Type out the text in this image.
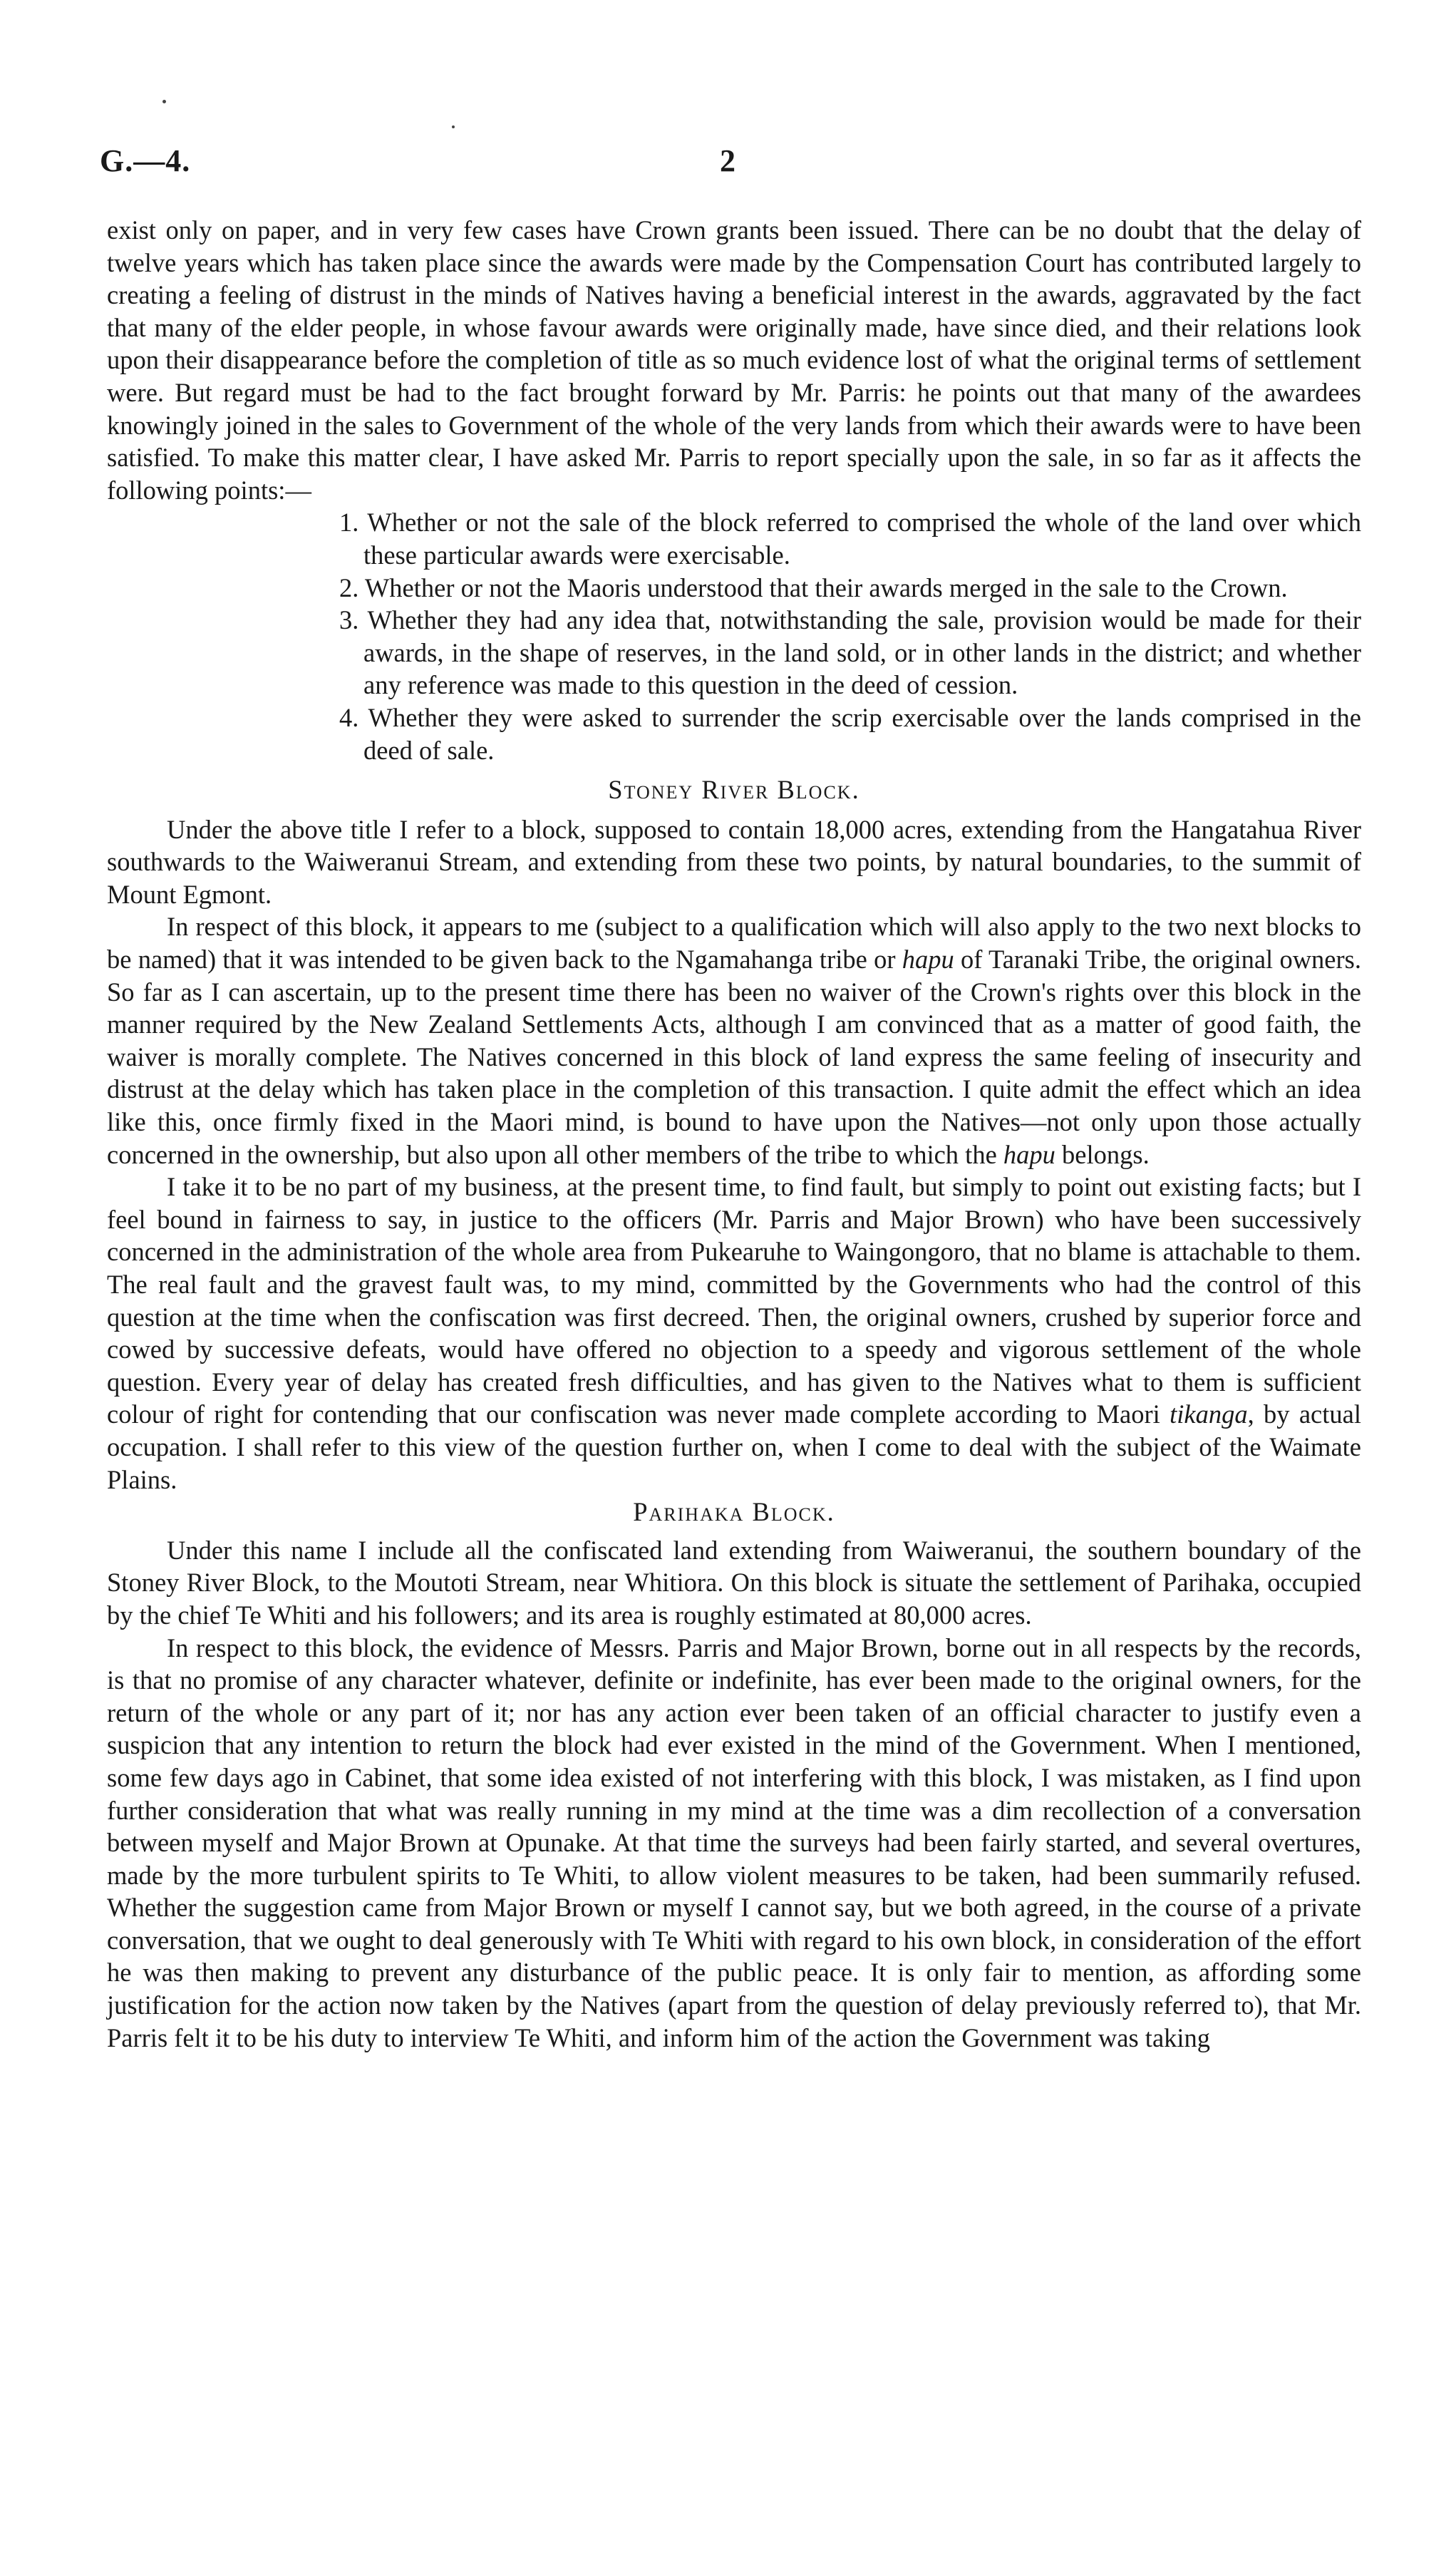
G.—4.	2

exist only on paper, and in very few cases have Crown grants been issued. There can be no doubt that the delay of twelve years which has taken place since the awards were made by the Compensation Court has contributed largely to creating a feeling of distrust in the minds of Natives having a beneficial interest in the awards, aggravated by the fact that many of the elder people, in whose favour awards were originally made, have since died, and their relations look upon their disappearance before the completion of title as so much evidence lost of what the original terms of settlement were. But regard must be had to the fact brought forward by Mr. Parris: he points out that many of the awardees knowingly joined in the sales to Government of the whole of the very lands from which their awards were to have been satisfied. To make this matter clear, I have asked Mr. Parris to report specially upon the sale, in so far as it affects the following points:—

1. Whether or not the sale of the block referred to comprised the whole of the land over which these particular awards were exercisable.
2. Whether or not the Maoris understood that their awards merged in the sale to the Crown.
3. Whether they had any idea that, notwithstanding the sale, provision would be made for their awards, in the shape of reserves, in the land sold, or in other lands in the district; and whether any reference was made to this question in the deed of cession.
4. Whether they were asked to surrender the scrip exercisable over the lands comprised in the deed of sale.
Stoney River Block.

Under the above title I refer to a block, supposed to contain 18,000 acres, extending from the Hangatahua River southwards to the Waiweranui Stream, and extending from these two points, by natural boundaries, to the summit of Mount Egmont.

In respect of this block, it appears to me (subject to a qualification which will also apply to the two next blocks to be named) that it was intended to be given back to the Ngamahanga tribe or hapu of Taranaki Tribe, the original owners. So far as I can ascertain, up to the present time there has been no waiver of the Crown's rights over this block in the manner required by the New Zealand Settlements Acts, although I am convinced that as a matter of good faith, the waiver is morally complete. The Natives concerned in this block of land express the same feeling of insecurity and distrust at the delay which has taken place in the completion of this transaction. I quite admit the effect which an idea like this, once firmly fixed in the Maori mind, is bound to have upon the Natives—not only upon those actually concerned in the ownership, but also upon all other members of the tribe to which the hapu belongs.

I take it to be no part of my business, at the present time, to find fault, but simply to point out existing facts; but I feel bound in fairness to say, in justice to the officers (Mr. Parris and Major Brown) who have been successively concerned in the administration of the whole area from Pukearuhe to Waingongoro, that no blame is attachable to them. The real fault and the gravest fault was, to my mind, committed by the Governments who had the control of this question at the time when the confiscation was first decreed. Then, the original owners, crushed by superior force and cowed by successive defeats, would have offered no objection to a speedy and vigorous settlement of the whole question. Every year of delay has created fresh difficulties, and has given to the Natives what to them is sufficient colour of right for contending that our confiscation was never made complete according to Maori tikanga, by actual occupation. I shall refer to this view of the question further on, when I come to deal with the subject of the Waimate Plains.

Parihaka Block.

Under this name I include all the confiscated land extending from Waiweranui, the southern boundary of the Stoney River Block, to the Moutoti Stream, near Whitiora. On this block is situate the settlement of Parihaka, occupied by the chief Te Whiti and his followers; and its area is roughly estimated at 80,000 acres.

In respect to this block, the evidence of Messrs. Parris and Major Brown, borne out in all respects by the records, is that no promise of any character whatever, definite or indefinite, has ever been made to the original owners, for the return of the whole or any part of it; nor has any action ever been taken of an official character to justify even a suspicion that any intention to return the block had ever existed in the mind of the Government. When I mentioned, some few days ago in Cabinet, that some idea existed of not interfering with this block, I was mistaken, as I find upon further consideration that what was really running in my mind at the time was a dim recollection of a conversation between myself and Major Brown at Opunake. At that time the surveys had been fairly started, and several overtures, made by the more turbulent spirits to Te Whiti, to allow violent measures to be taken, had been summarily refused. Whether the suggestion came from Major Brown or myself I cannot say, but we both agreed, in the course of a private conversation, that we ought to deal generously with Te Whiti with regard to his own block, in consideration of the effort he was then making to prevent any disturbance of the public peace. It is only fair to mention, as affording some justification for the action now taken by the Natives (apart from the question of delay previously referred to), that Mr. Parris felt it to be his duty to interview Te Whiti, and inform him of the action the Government was taking
